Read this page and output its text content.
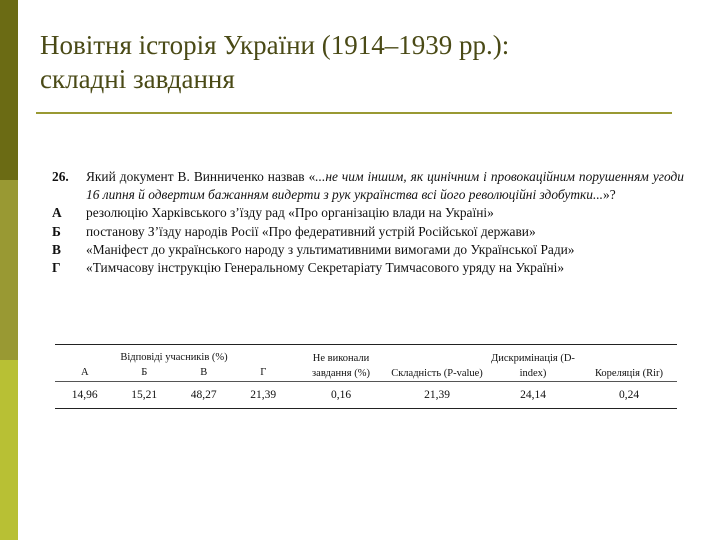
Новітня історія України (1914–1939 рр.):
складні завдання
26.	Який документ В. Винниченко назвав «...не чим іншим, як цинічним і провокаційним порушенням угоди 16 липня й одвертим бажанням видерти з рук українства всі його революційні здобутки...»?
А	резолюцію Харківського з’їзду рад «Про організацію влади на Україні»
Б	постанову З’їзду народів Росії «Про федеративний устрій Російської держави»
В	«Маніфест до українського народу з ультимативними вимогами до Української Ради»
Г	«Тимчасову інструкцію Генеральному Секретаріату Тимчасового уряду на Україні»
Відповіді учасників (%)				Не виконали завдання (%)	Складність (P-value)	Дискримінація (D-index)	Кореляція (Rir)
А	Б	В	Г				
14,96	15,21	48,27	21,39	0,16	21,39	24,14	0,24
